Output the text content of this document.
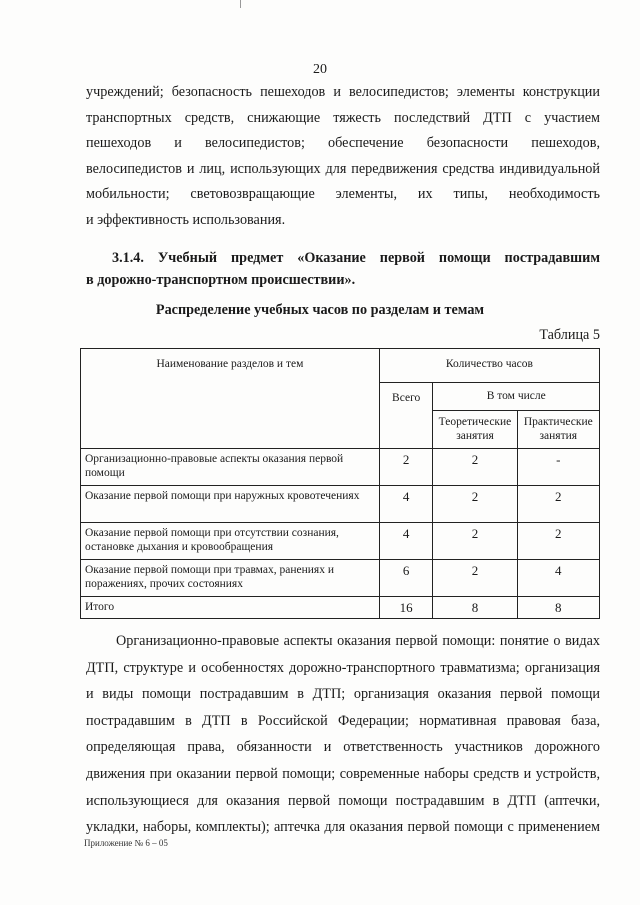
20
учреждений; безопасность пешеходов и велосипедистов; элементы конструкции
транспортных средств, снижающие тяжесть последствий ДТП с участием
пешеходов и велосипедистов; обеспечение безопасности пешеходов,
велосипедистов и лиц, использующих для передвижения средства индивидуальной
мобильности; световозвращающие элементы, их типы, необходимость
и эффективность использования.
3.1.4. Учебный предмет «Оказание первой помощи пострадавшим
в дорожно-транспортном происшествии».
Распределение учебных часов по разделам и темам
Таблица 5
Наименование разделов и тем	Количество часов		
	Всего	В том числе	
		Теоретические занятия	Практические занятия
Организационно-правовые аспекты оказания первой помощи	2	2	-
Оказание первой помощи при наружных кровотечениях	4	2	2
Оказание первой помощи при отсутствии сознания, остановке дыхания и кровообращения	4	2	2
Оказание первой помощи при травмах, ранениях и поражениях, прочих состояниях	6	2	4
Итого	16	8	8
Организационно-правовые аспекты оказания первой помощи: понятие о видах
ДТП, структуре и особенностях дорожно-транспортного травматизма; организация
и виды помощи пострадавшим в ДТП; организация оказания первой помощи
пострадавшим в ДТП в Российской Федерации; нормативная правовая база,
определяющая права, обязанности и ответственность участников дорожного
движения при оказании первой помощи; современные наборы средств и устройств,
использующиеся для оказания первой помощи пострадавшим в ДТП (аптечки,
укладки, наборы, комплекты); аптечка для оказания первой помощи с применением
Приложение № 6 – 05
